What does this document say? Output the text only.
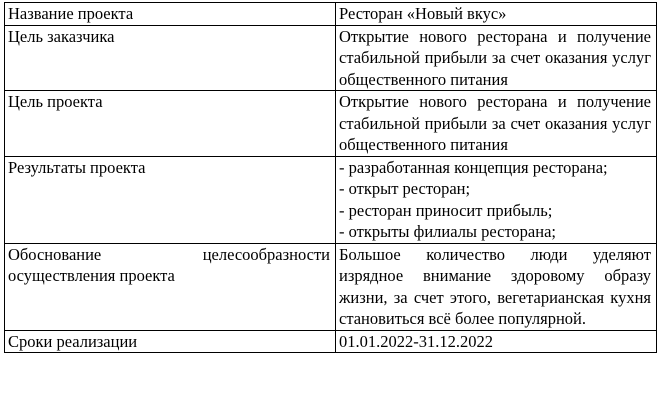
Название проекта	Ресторан «Новый вкус»
Цель заказчика	Открытие нового ресторана и получение стабильной прибыли за счет оказания услуг общественного питания
Цель проекта	Открытие нового ресторана и получение стабильной прибыли за счет оказания услуг общественного питания
Результаты проекта	- разработанная концепция ресторана;
- открыт ресторан;
- ресторан приносит прибыль;
- открыты филиалы ресторана;

Обоснование целесообразности осуществления проекта	Большое количество люди уделяют изрядное внимание здоровому образу жизни, за счет этого, вегетарианская кухня становиться всё более популярной.
Сроки реализации	01.01.2022-31.12.2022
